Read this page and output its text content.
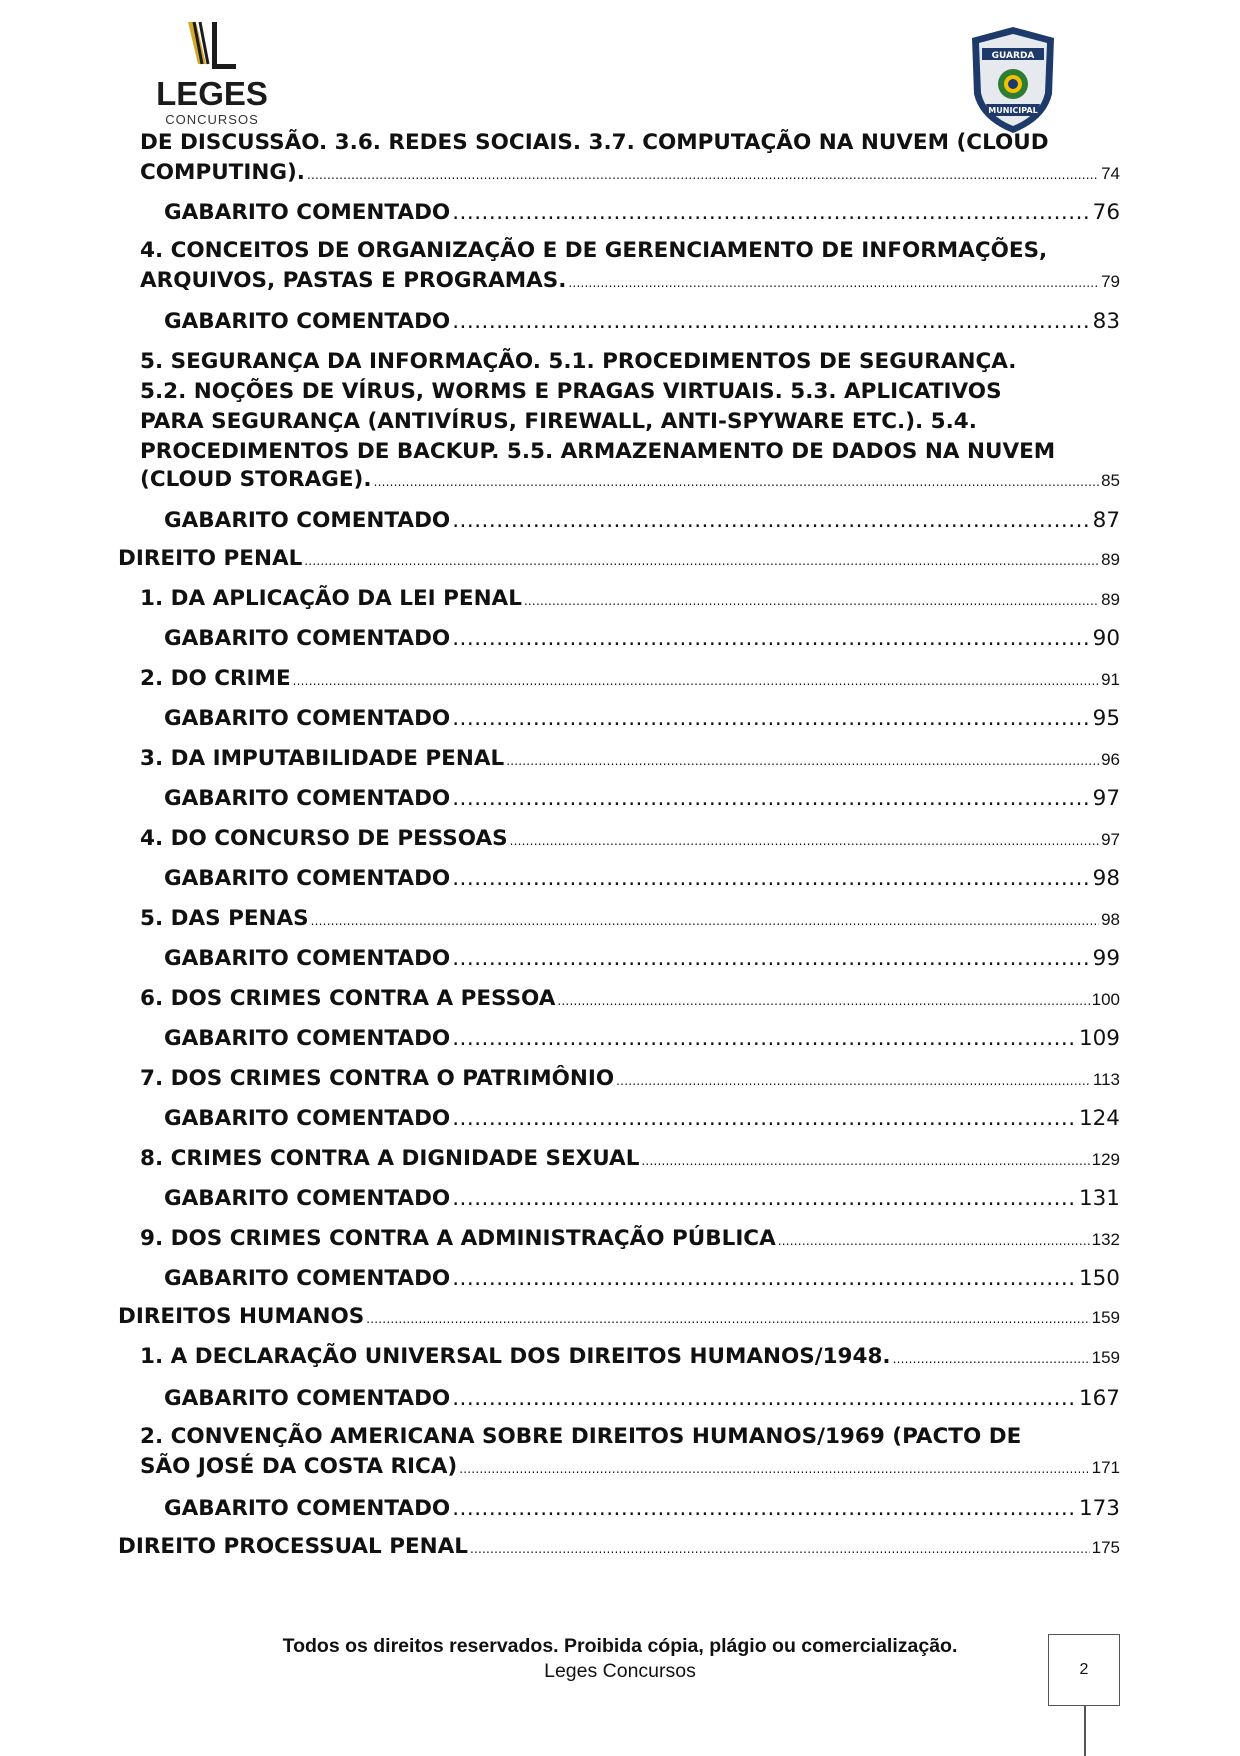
LEGES
CONCURSOS
GUARDA
MUNICIPAL
DE DISCUSSÃO. 3.6. REDES SOCIAIS. 3.7. COMPUTAÇÃO NA NUVEM (CLOUD
COMPUTING). .....	74
GABARITO COMENTADO .....	76
4. CONCEITOS DE ORGANIZAÇÃO E DE GERENCIAMENTO DE INFORMAÇÕES,
ARQUIVOS, PASTAS E PROGRAMAS. .....	79
GABARITO COMENTADO .....	83
5. SEGURANÇA DA INFORMAÇÃO. 5.1. PROCEDIMENTOS DE SEGURANÇA.
5.2. NOÇÕES DE VÍRUS, WORMS E PRAGAS VIRTUAIS. 5.3. APLICATIVOS
PARA SEGURANÇA (ANTIVÍRUS, FIREWALL, ANTI-SPYWARE ETC.). 5.4.
PROCEDIMENTOS DE BACKUP. 5.5. ARMAZENAMENTO DE DADOS NA NUVEM
(CLOUD STORAGE). .....	85
GABARITO COMENTADO .....	87
DIREITO PENAL .....	89
1. DA APLICAÇÃO DA LEI PENAL .....	89
GABARITO COMENTADO .....	90
2. DO CRIME .....	91
GABARITO COMENTADO .....	95
3. DA IMPUTABILIDADE PENAL .....	96
GABARITO COMENTADO .....	97
4. DO CONCURSO DE PESSOAS .....	97
GABARITO COMENTADO .....	98
5. DAS PENAS .....	98
GABARITO COMENTADO .....	99
6. DOS CRIMES CONTRA A PESSOA .....	100
GABARITO COMENTADO .....	109
7. DOS CRIMES CONTRA O PATRIMÔNIO .....	113
GABARITO COMENTADO .....	124
8. CRIMES CONTRA A DIGNIDADE SEXUAL .....	129
GABARITO COMENTADO .....	131
9. DOS CRIMES CONTRA A ADMINISTRAÇÃO PÚBLICA .....	132
GABARITO COMENTADO .....	150
DIREITOS HUMANOS .....	159
1. A DECLARAÇÃO UNIVERSAL DOS DIREITOS HUMANOS/1948. .....	159
GABARITO COMENTADO .....	167
2. CONVENÇÃO AMERICANA SOBRE DIREITOS HUMANOS/1969 (PACTO DE
SÃO JOSÉ DA COSTA RICA) .....	171
GABARITO COMENTADO .....	173
DIREITO PROCESSUAL PENAL .....	175
Todos os direitos reservados. Proibida cópia, plágio ou comercialização.
Leges Concursos	2
